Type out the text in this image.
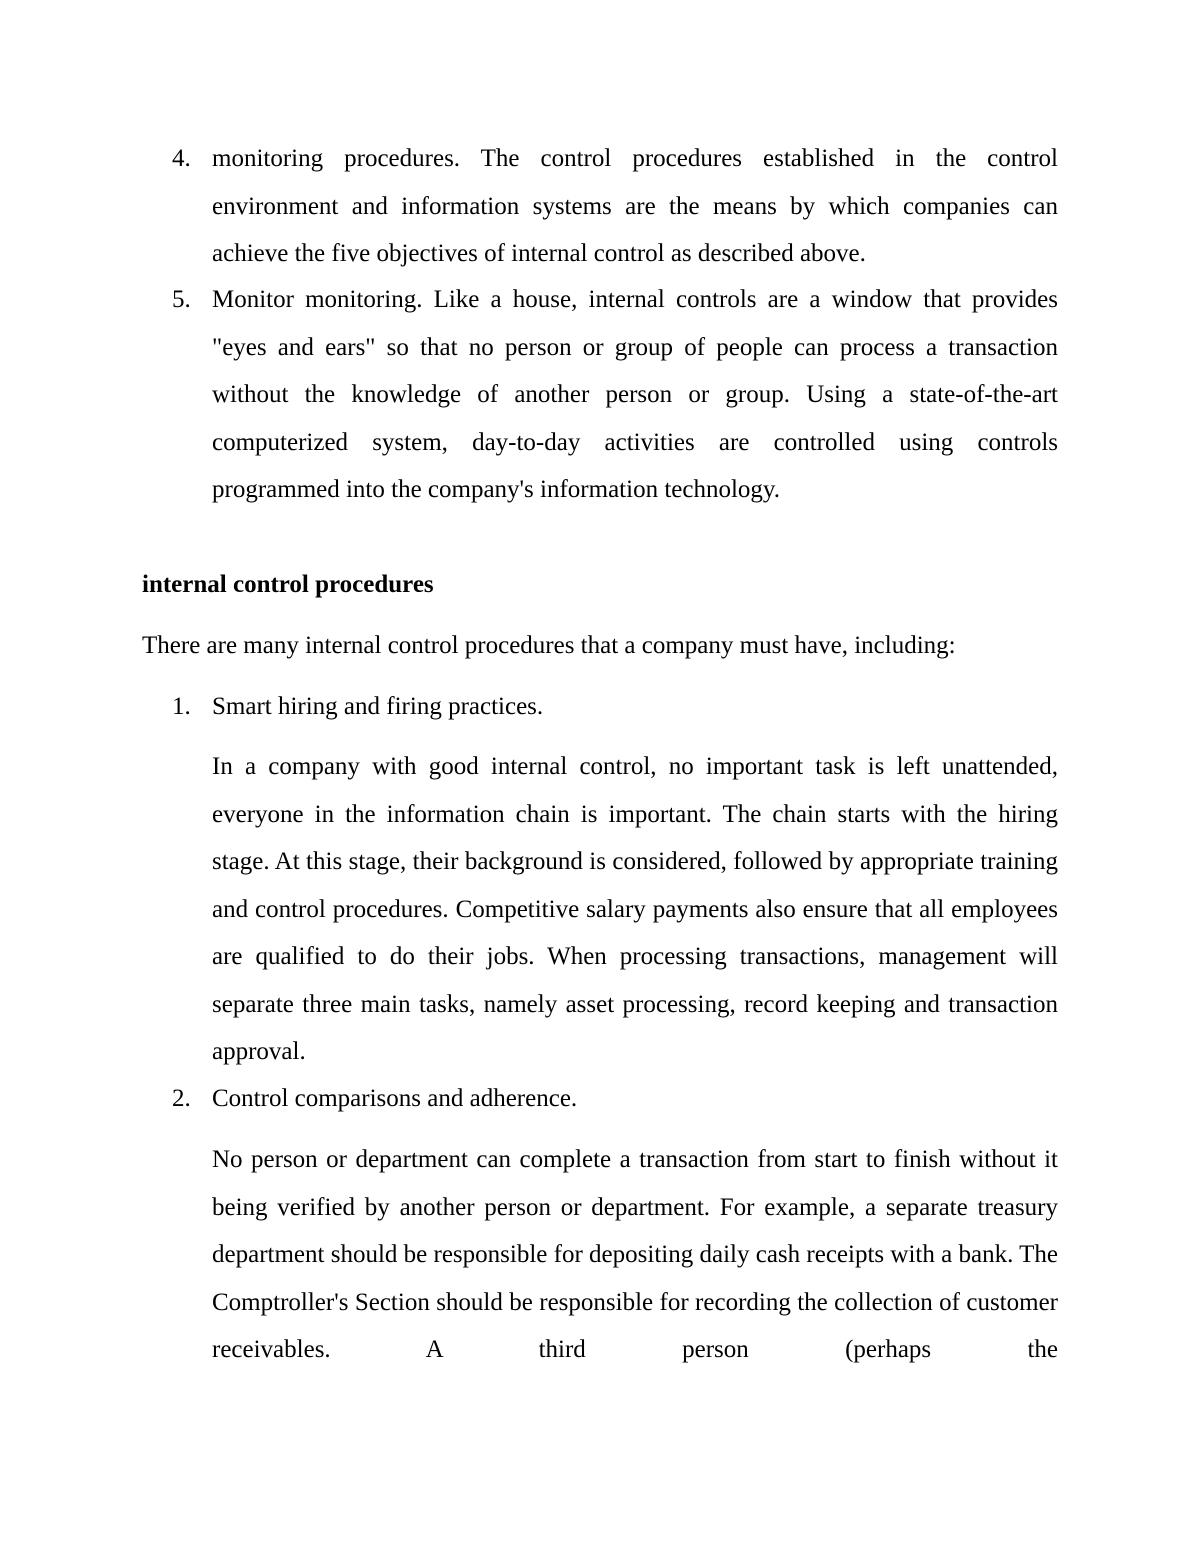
4. monitoring procedures. The control procedures established in the control environment and information systems are the means by which companies can achieve the five objectives of internal control as described above.
5. Monitor monitoring. Like a house, internal controls are a window that provides "eyes and ears" so that no person or group of people can process a transaction without the knowledge of another person or group. Using a state-of-the-art computerized system, day-to-day activities are controlled using controls programmed into the company's information technology.
internal control procedures

There are many internal control procedures that a company must have, including:

1. Smart hiring and firing practices.

In a company with good internal control, no important task is left unattended, everyone in the information chain is important. The chain starts with the hiring stage. At this stage, their background is considered, followed by appropriate training and control procedures. Competitive salary payments also ensure that all employees are qualified to do their jobs. When processing transactions, management will separate three main tasks, namely asset processing, record keeping and transaction approval.

2. Control comparisons and adherence.

No person or department can complete a transaction from start to finish without it being verified by another person or department. For example, a separate treasury department should be responsible for depositing daily cash receipts with a bank. The Comptroller's Section should be responsible for recording the collection of customer receivables. A third person (perhaps the
